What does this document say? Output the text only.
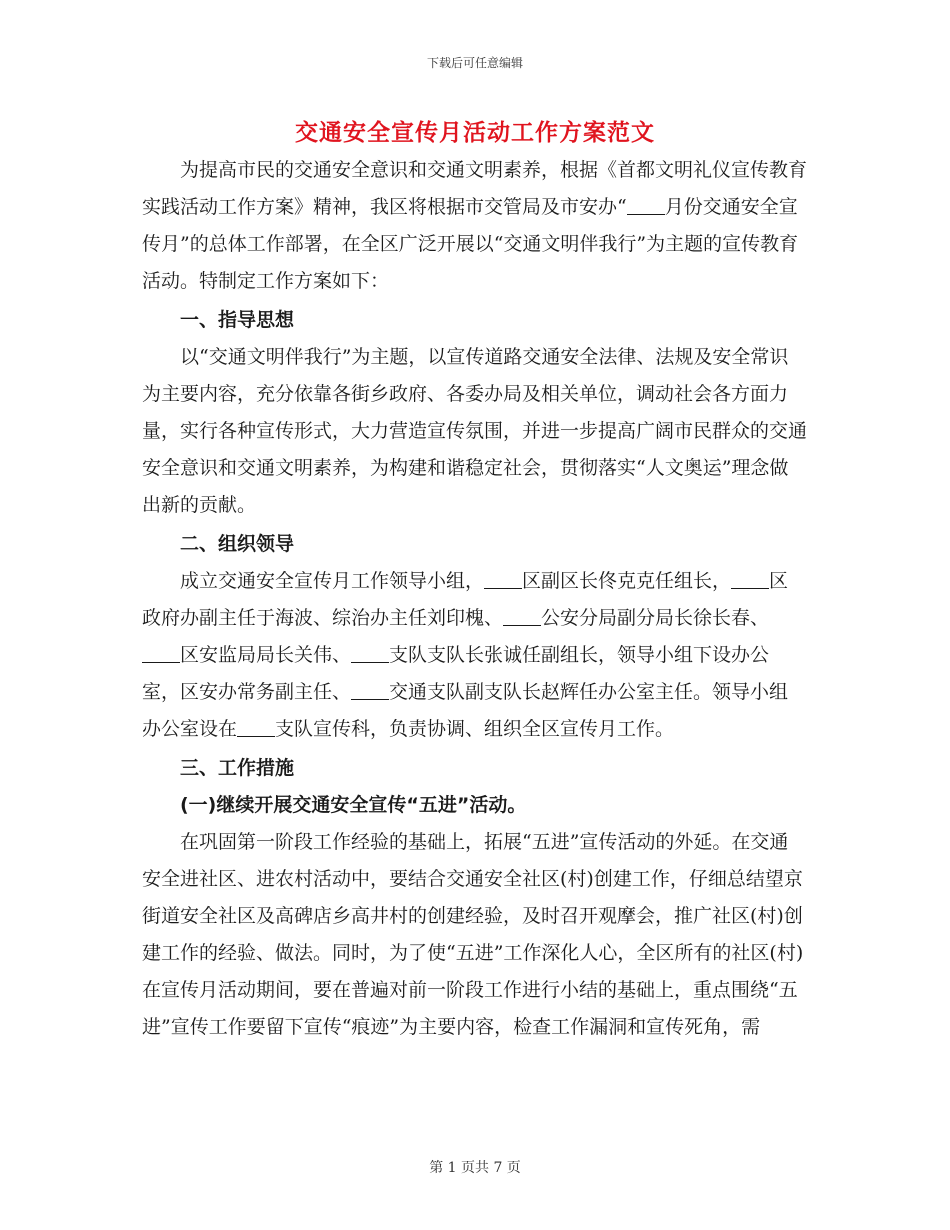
下载后可任意编辑
交通安全宣传月活动工作方案范文

为提高市民的交通安全意识和交通文明素养，根据《首都文明礼仪宣传教育实践活动工作方案》精神，我区将根据市交管局及市安办“ 月份交通安全宣传月”的总体工作部署，在全区广泛开展以“交通文明伴我行”为主题的宣传教育活动。特制定工作方案如下：

一、指导思想

以“交通文明伴我行”为主题，以宣传道路交通安全法律、法规及安全常识为主要内容，充分依靠各街乡政府、各委办局及相关单位，调动社会各方面力量，实行各种宣传形式，大力营造宣传氛围，并进一步提高广阔市民群众的交通安全意识和交通文明素养，为构建和谐稳定社会，贯彻落实“人文奥运”理念做出新的贡献。

二、组织领导

成立交通安全宣传月工作领导小组， 区副区长佟克克任组长， 区政府办副主任于海波、综治办主任刘印槐、 公安分局副分局长徐长春、区安监局局长关伟、 支队支队长张诚任副组长，领导小组下设办公室，区安办常务副主任、 交通支队副支队长赵辉任办公室主任。领导小组办公室设在 支队宣传科，负责协调、组织全区宣传月工作。

三、工作措施

(一)继续开展交通安全宣传“五进”活动。

在巩固第一阶段工作经验的基础上，拓展“五进”宣传活动的外延。在交通安全进社区、进农村活动中，要结合交通安全社区(村)创建工作，仔细总结望京街道安全社区及高碑店乡高井村的创建经验，及时召开观摩会，推广社区(村)创建工作的经验、做法。同时，为了使“五进”工作深化人心，全区所有的社区(村)在宣传月活动期间，要在普遍对前一阶段工作进行小结的基础上，重点围绕“五进”宣传工作要留下宣传“痕迹”为主要内容，检查工作漏洞和宣传死角，需

第 1 页共 7 页
